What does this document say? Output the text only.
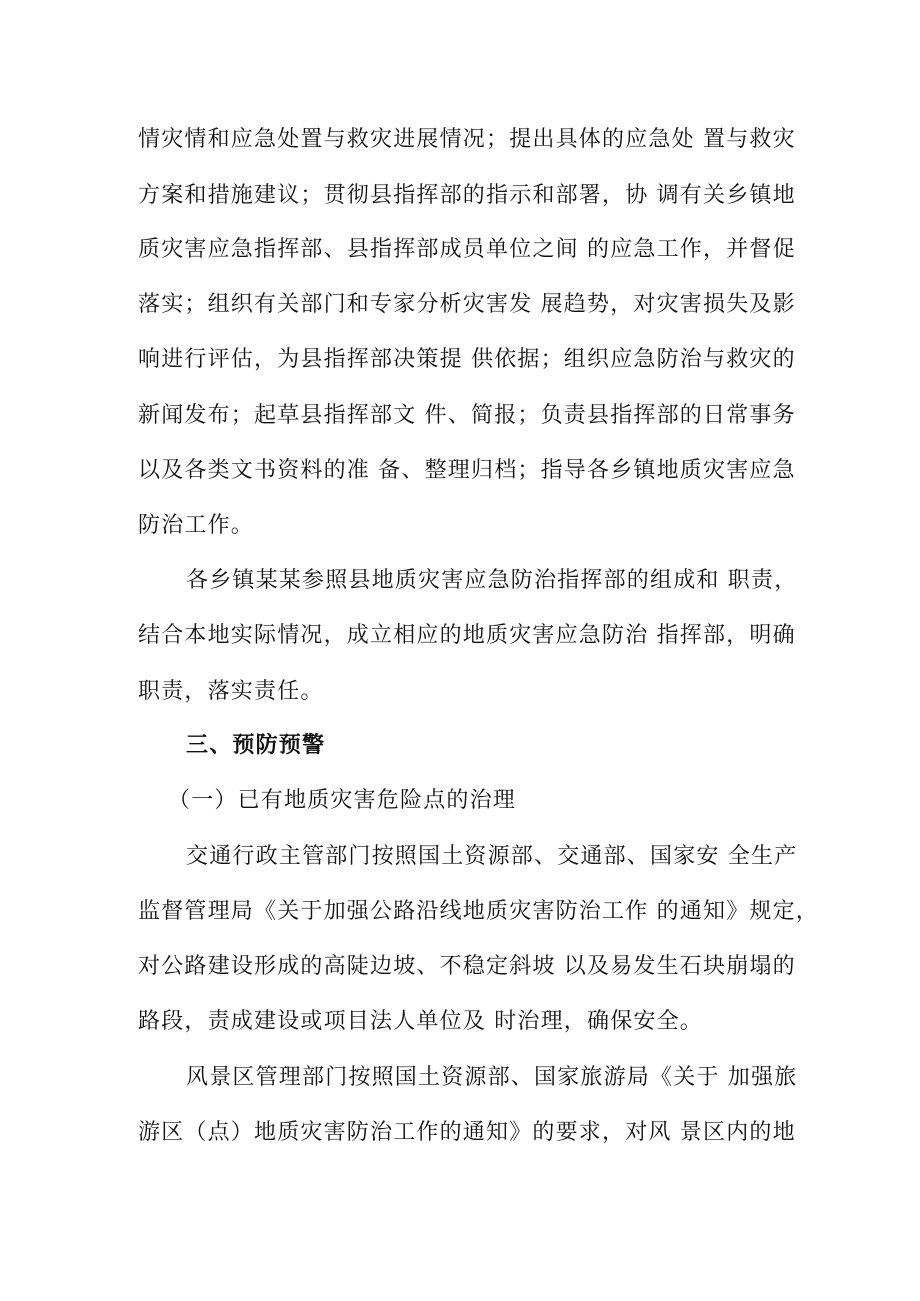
情灾情和应急处置与救灾进展情况；提出具体的应急处 置与救灾
方案和措施建议；贯彻县指挥部的指示和部署，协 调有关乡镇地
质灾害应急指挥部、县指挥部成员单位之间 的应急工作，并督促
落实；组织有关部门和专家分析灾害发 展趋势，对灾害损失及影
响进行评估，为县指挥部决策提 供依据；组织应急防治与救灾的
新闻发布；起草县指挥部文 件、简报；负责县指挥部的日常事务
以及各类文书资料的准 备、整理归档；指导各乡镇地质灾害应急
防治工作。
各乡镇某某参照县地质灾害应急防治指挥部的组成和 职责，
结合本地实际情况，成立相应的地质灾害应急防治 指挥部，明确
职责，落实责任。
三、预防预警
（一）已有地质灾害危险点的治理
交通行政主管部门按照国土资源部、交通部、国家安 全生产
监督管理局《关于加强公路沿线地质灾害防治工作 的通知》规定，
对公路建设形成的高陡边坡、不稳定斜坡 以及易发生石块崩塌的
路段，责成建设或项目法人单位及 时治理，确保安全。
风景区管理部门按照国土资源部、国家旅游局《关于 加强旅
游区（点）地质灾害防治工作的通知》的要求，对风 景区内的地
